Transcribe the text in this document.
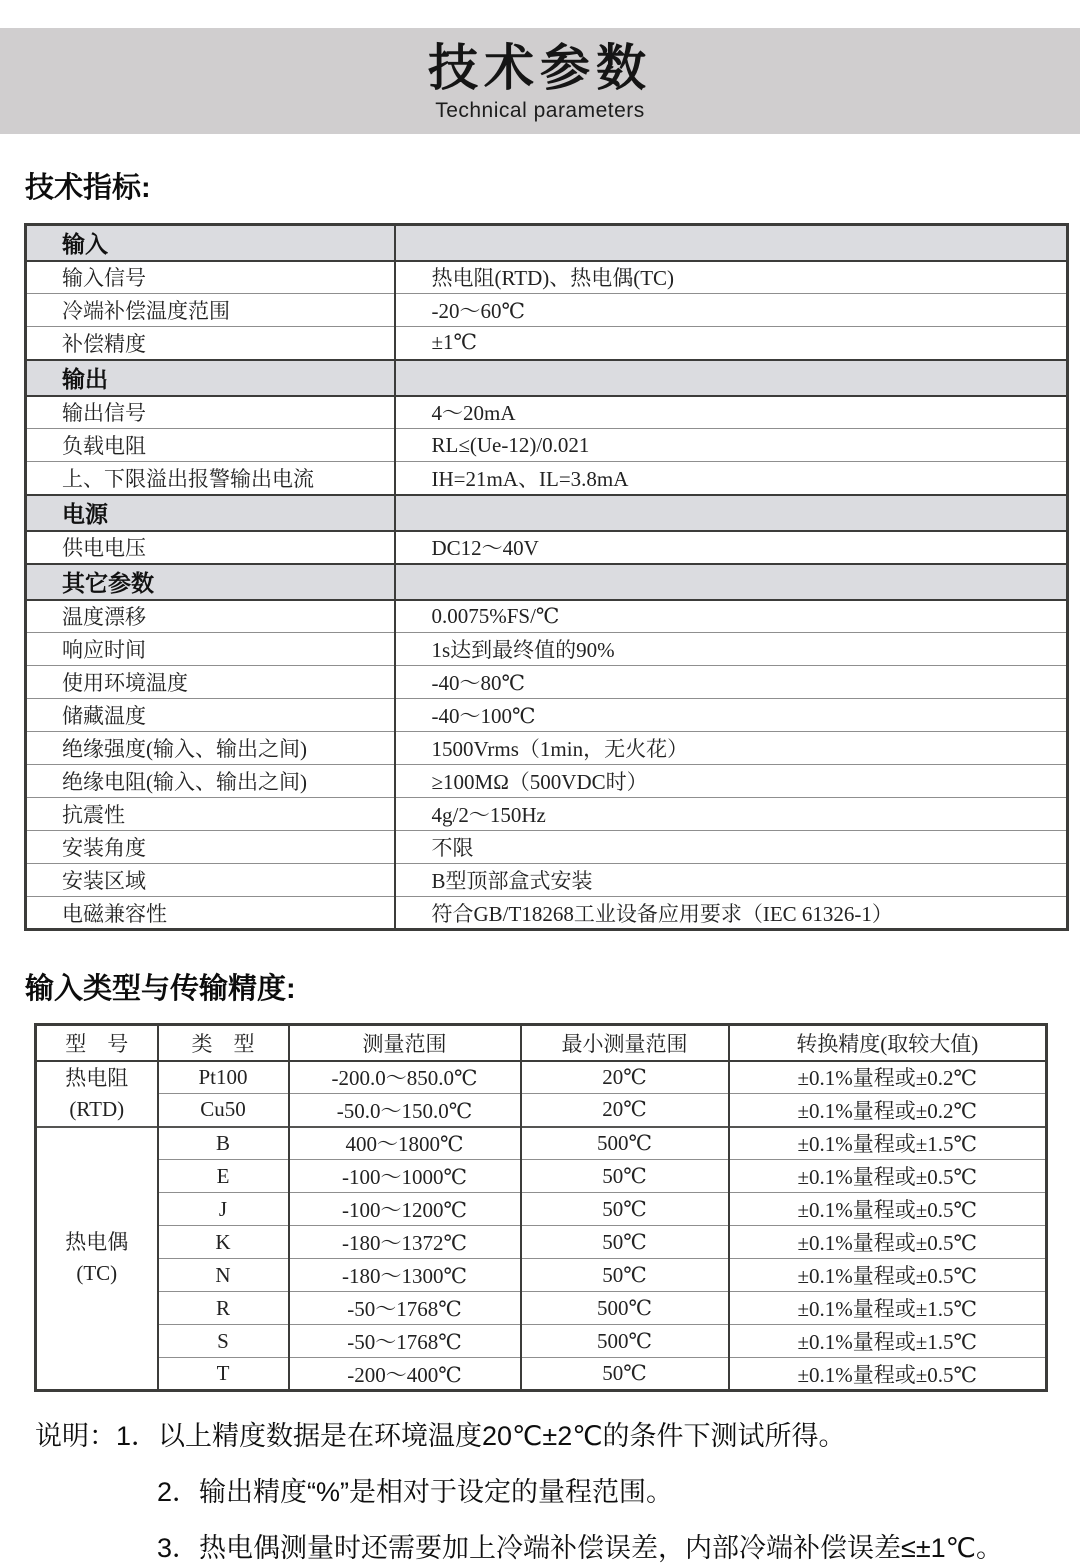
技术参数
Technical parameters
技术指标:
输入	
输入信号	热电阻(RTD)、热电偶(TC)
冷端补偿温度范围	-20～60℃
补偿精度	±1℃
输出	
输出信号	4～20mA
负载电阻	RL≤(Ue-12)/0.021
上、下限溢出报警输出电流	IH=21mA、IL=3.8mA
电源	
供电电压	DC12～40V
其它参数	
温度漂移	0.0075%FS/℃
响应时间	1s达到最终值的90%
使用环境温度	-40～80℃
储藏温度	-40～100℃
绝缘强度(输入、输出之间)	1500Vrms（1min，无火花）
绝缘电阻(输入、输出之间)	≥100MΩ（500VDC时）
抗震性	4g/2～150Hz
安装角度	不限
安装区域	B型顶部盒式安装
电磁兼容性	符合GB/T18268工业设备应用要求（IEC 61326-1）
输入类型与传输精度:
型　号	类　型	测量范围	最小测量范围	转换精度(取较大值)

热电阻
(RTD)	Pt100	-200.0～850.0℃	20℃	±0.1%量程或±0.2℃
	Cu50	-50.0～150.0℃	20℃	±0.1%量程或±0.2℃

热电偶
(TC)	B	400～1800℃	500℃	±0.1%量程或±1.5℃
	E	-100～1000℃	50℃	±0.1%量程或±0.5℃
	J	-100～1200℃	50℃	±0.1%量程或±0.5℃
	K	-180～1372℃	50℃	±0.1%量程或±0.5℃
	N	-180～1300℃	50℃	±0.1%量程或±0.5℃
	R	-50～1768℃	500℃	±0.1%量程或±1.5℃
	S	-50～1768℃	500℃	±0.1%量程或±1.5℃
	T	-200～400℃	50℃	±0.1%量程或±0.5℃
说明：1．以上精度数据是在环境温度20℃±2℃的条件下测试所得。
2．输出精度“%”是相对于设定的量程范围。
3．热电偶测量时还需要加上冷端补偿误差，内部冷端补偿误差≤±1℃。
